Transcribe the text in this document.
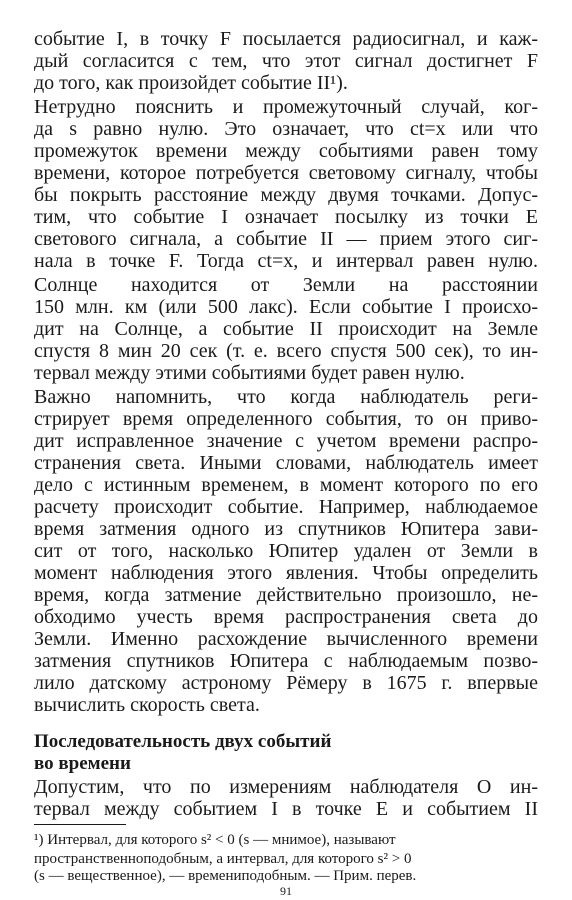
событие I, в точку F посылается радиосигнал, и каж-
дый согласится с тем, что этот сигнал достигнет F
до того, как произойдет событие II¹).
Нетрудно пояснить и промежуточный случай, ког-
да s равно нулю. Это означает, что ct=x или что
промежуток времени между событиями равен тому
времени, которое потребуется световому сигналу, чтобы
бы покрыть расстояние между двумя точками. Допус-
тим, что событие I означает посылку из точки E
светового сигнала, а событие II — прием этого сиг-
нала в точке F. Тогда ct=x, и интервал равен нулю.
Солнце находится от Земли на расстоянии
150 млн. км (или 500 лакс). Если событие I происхо-
дит на Солнце, а событие II происходит на Земле
спустя 8 мин 20 сек (т. е. всего спустя 500 сек), то ин-
тервал между этими событиями будет равен нулю.
Важно напомнить, что когда наблюдатель реги-
стрирует время определенного события, то он приво-
дит исправленное значение с учетом времени распро-
странения света. Иными словами, наблюдатель имеет
дело с истинным временем, в момент которого по его
расчету происходит событие. Например, наблюдаемое
время затмения одного из спутников Юпитера зави-
сит от того, насколько Юпитер удален от Земли в
момент наблюдения этого явления. Чтобы определить
время, когда затмение действительно произошло, не-
обходимо учесть время распространения света до
Земли. Именно расхождение вычисленного времени
затмения спутников Юпитера с наблюдаемым позво-
лило датскому астроному Рёмеру в 1675 г. впервые
вычислить скорость света.
Последовательность двух событий
во времени
Допустим, что по измерениям наблюдателя O ин-
тервал между событием I в точке E и событием II
¹) Интервал, для которого s² < 0 (s — мнимое), называют
пространственноподобным, а интервал, для которого s² > 0
(s — вещественное), — времениподобным. — Прим. перев.
91
